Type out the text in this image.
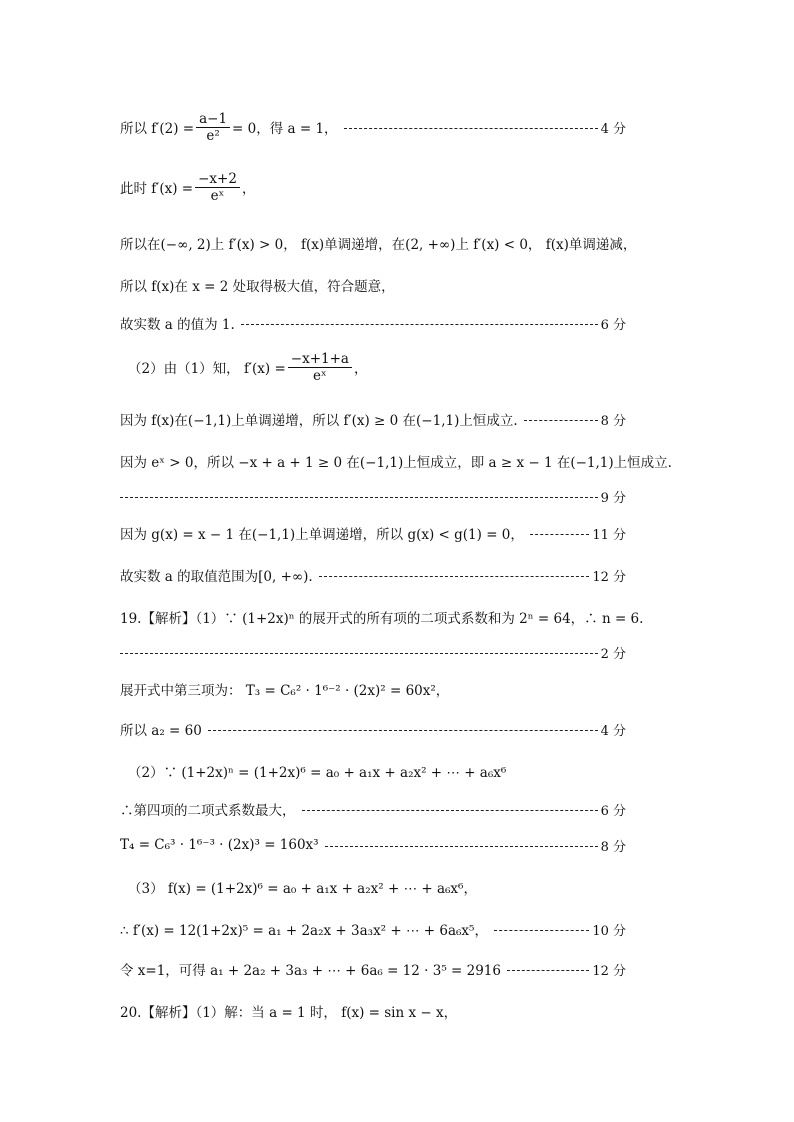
所以 $f'(2) = \frac{a-1}{\text{e²}} = 0$，得 a = 1，	4 分
此时 $f'(x) = \frac{-x+2}{\text{eˣ}}$ ，
所以在(−∞, 2)上 f′(x) > 0， f(x)单调递增，在(2, +∞)上 f′(x) < 0， f(x)单调递减，
所以 f(x)在 x = 2 处取得极大值，符合题意，
故实数 a 的值为 1.	6 分
（2）由（1）知， $f'(x) = \frac{-x+1+a}{\text{eˣ}}$ ，
因为 f(x)在(−1,1)上单调递增，所以 f′(x) ≥ 0 在(−1,1)上恒成立.	8 分
因为 eˣ > 0，所以 −x + a + 1 ≥ 0 在(−1,1)上恒成立，即 a ≥ x − 1 在(−1,1)上恒成立.
9 分
因为 g(x) = x − 1 在(−1,1)上单调递增，所以 g(x) < g(1) = 0，	11 分
故实数 a 的取值范围为[0, +∞).	12 分
19.【解析】（1）∵ (1+2x)ⁿ 的展开式的所有项的二项式系数和为 2ⁿ = 64，∴ n = 6.
2 分
展开式中第三项为： T₃ = C₆² · 1⁶⁻² · (2x)² = 60x²，
所以 a₂ = 60	4 分
（2）∵ (1+2x)ⁿ = (1+2x)⁶ = a₀ + a₁x + a₂x² + ⋯ + a₆x⁶
∴第四项的二项式系数最大，	6 分
T₄ = C₆³ · 1⁶⁻³ · (2x)³ = 160x³	8 分
（3） f(x) = (1+2x)⁶ = a₀ + a₁x + a₂x² + ⋯ + a₆x⁶，
∴ f′(x) = 12(1+2x)⁵ = a₁ + 2a₂x + 3a₃x² + ⋯ + 6a₆x⁵，	10 分
令 x=1，可得 a₁ + 2a₂ + 3a₃ + ⋯ + 6a₆ = 12 · 3⁵ = 2916	12 分
20.【解析】（1）解：当 a = 1 时， f(x) = sin x − x，
